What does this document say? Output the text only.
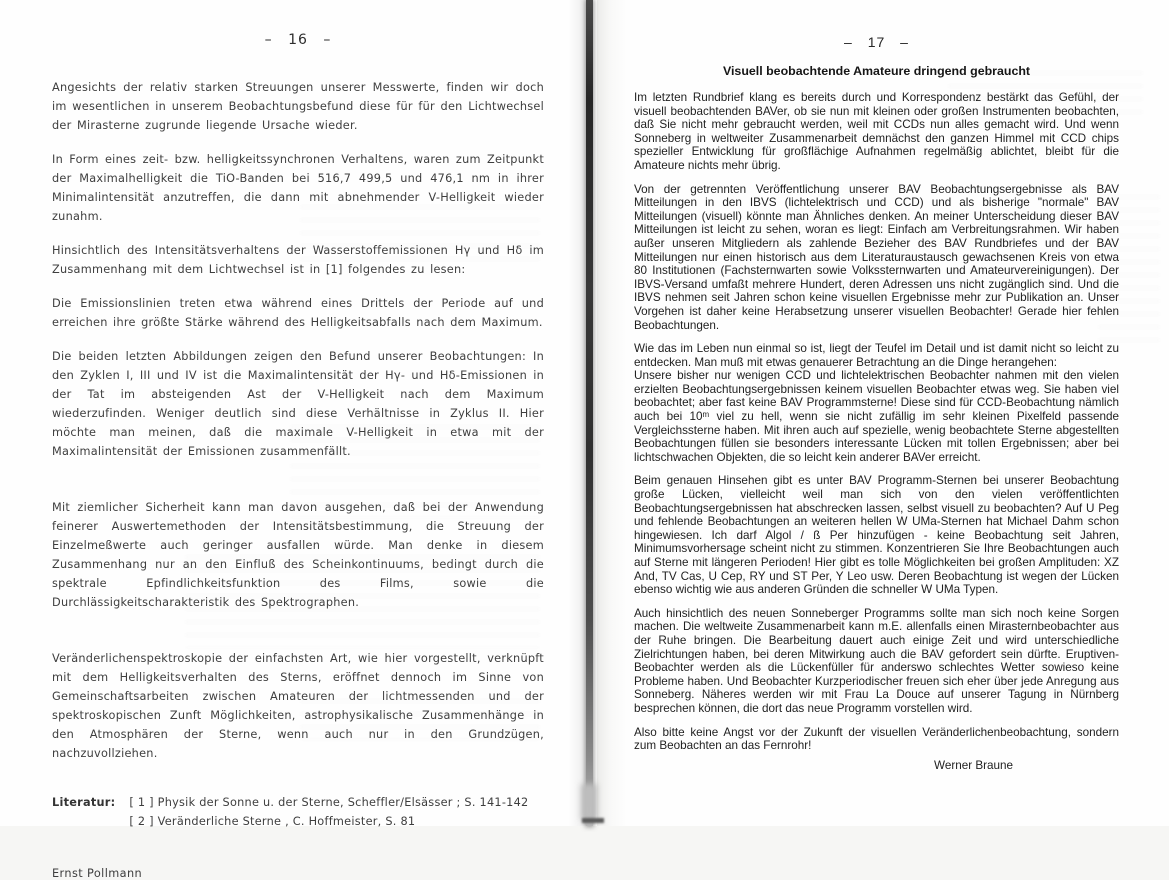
– 16 –

Angesichts der relativ starken Streuungen unserer Messwerte, finden wir doch im wesentlichen in unserem Beobachtungsbefund diese für für den Lichtwechsel der Mirasterne zugrunde liegende Ursache wieder.

In Form eines zeit- bzw. helligkeitssynchronen Verhaltens, waren zum Zeitpunkt der Maximalhelligkeit die TiO-Banden bei 516,7 499,5 und 476,1 nm in ihrer Minimalintensität anzutreffen, die dann mit abnehmender V-Helligkeit wieder zunahm.

Hinsichtlich des Intensitätsverhaltens der Wasserstoffemissionen Hγ und Hδ im Zusammenhang mit dem Lichtwechsel ist in [1] folgendes zu lesen:

Die Emissionslinien treten etwa während eines Drittels der Periode auf und erreichen ihre größte Stärke während des Helligkeitsabfalls nach dem Maximum.

Die beiden letzten Abbildungen zeigen den Befund unserer Beobachtungen: In den Zyklen I, III und IV ist die Maximalintensität der Hγ- und Hδ-Emissionen in der Tat im absteigenden Ast der V-Helligkeit nach dem Maximum wiederzufinden. Weniger deutlich sind diese Verhältnisse in Zyklus II. Hier möchte man meinen, daß die maximale V-Helligkeit in etwa mit der Maximalintensität der Emissionen zusammenfällt.

Mit ziemlicher Sicherheit kann man davon ausgehen, daß bei der Anwendung feinerer Auswertemethoden der Intensitätsbestimmung, die Streuung der Einzelmeßwerte auch geringer ausfallen würde. Man denke in diesem Zusammenhang nur an den Einfluß des Scheinkontinuums, bedingt durch die spektrale Epfindlichkeitsfunktion des Films, sowie die Durchlässigkeitscharakteristik des Spektrographen.

Veränderlichenspektroskopie der einfachsten Art, wie hier vorgestellt, verknüpft mit dem Helligkeitsverhalten des Sterns, eröffnet dennoch im Sinne von Gemeinschaftsarbeiten zwischen Amateuren der lichtmessenden und der spektroskopischen Zunft Möglichkeiten, astrophysikalische Zusammenhänge in den Atmosphären der Sterne, wenn auch nur in den Grundzügen, nachzuvollziehen.

Literatur: [ 1 ] Physik der Sonne u. der Sterne, Scheffler/Elsässer ; S. 141-142
[ 2 ] Veränderliche Sterne , C. Hoffmeister, S. 81
Ernst Pollmann
– 17 –
Visuell beobachtende Amateure dringend gebraucht

Im letzten Rundbrief klang es bereits durch und Korrespondenz bestärkt das Gefühl, der visuell beobachtenden BAVer, ob sie nun mit kleinen oder großen Instrumenten beobachten, daß Sie nicht mehr gebraucht werden, weil mit CCDs nun alles gemacht wird. Und wenn Sonneberg in weltweiter Zusammenarbeit demnächst den ganzen Himmel mit CCD chips spezieller Entwicklung für großflächige Aufnahmen regelmäßig ablichtet, bleibt für die Amateure nichts mehr übrig.

Von der getrennten Veröffentlichung unserer BAV Beobachtungsergebnisse als BAV Mitteilungen in den IBVS (lichtelektrisch und CCD) und als bisherige "normale" BAV Mitteilungen (visuell) könnte man Ähnliches denken. An meiner Unterscheidung dieser BAV Mitteilungen ist leicht zu sehen, woran es liegt: Einfach am Verbreitungsrahmen. Wir haben außer unseren Mitgliedern als zahlende Bezieher des BAV Rundbriefes und der BAV Mitteilungen nur einen historisch aus dem Literaturaustausch gewachsenen Kreis von etwa 80 Institutionen (Fachsternwarten sowie Volkssternwarten und Amateurvereinigungen). Der IBVS-Versand umfaßt mehrere Hundert, deren Adressen uns nicht zugänglich sind. Und die IBVS nehmen seit Jahren schon keine visuellen Ergebnisse mehr zur Publikation an. Unser Vorgehen ist daher keine Herabsetzung unserer visuellen Beobachter! Gerade hier fehlen Beobachtungen.

Wie das im Leben nun einmal so ist, liegt der Teufel im Detail und ist damit nicht so leicht zu entdecken. Man muß mit etwas genauerer Betrachtung an die Dinge herangehen:

Unsere bisher nur wenigen CCD und lichtelektrischen Beobachter nahmen mit den vielen erzielten Beobachtungsergebnissen keinem visuellen Beobachter etwas weg. Sie haben viel beobachtet; aber fast keine BAV Programmsterne! Diese sind für CCD-Beobachtung nämlich auch bei 10ᵐ viel zu hell, wenn sie nicht zufällig im sehr kleinen Pixelfeld passende Vergleichssterne haben. Mit ihren auch auf spezielle, wenig beobachtete Sterne abgestellten Beobachtungen füllen sie besonders interessante Lücken mit tollen Ergebnissen; aber bei lichtschwachen Objekten, die so leicht kein anderer BAVer erreicht.

Beim genauen Hinsehen gibt es unter BAV Programm-Sternen bei unserer Beobachtung große Lücken, vielleicht weil man sich von den vielen veröffentlichten Beobachtungsergebnissen hat abschrecken lassen, selbst visuell zu beobachten? Auf U Peg und fehlende Beobachtungen an weiteren hellen W UMa-Sternen hat Michael Dahm schon hingewiesen. Ich darf Algol / ß Per hinzufügen - keine Beobachtung seit Jahren, Minimumsvorhersage scheint nicht zu stimmen. Konzentrieren Sie Ihre Beobachtungen auch auf Sterne mit längeren Perioden! Hier gibt es tolle Möglichkeiten bei großen Amplituden: XZ And, TV Cas, U Cep, RY und ST Per, Y Leo usw. Deren Beobachtung ist wegen der Lücken ebenso wichtig wie aus anderen Gründen die schneller W UMa Typen.

Auch hinsichtlich des neuen Sonneberger Programms sollte man sich noch keine Sorgen machen. Die weltweite Zusammenarbeit kann m.E. allenfalls einen Mirasternbeobachter aus der Ruhe bringen. Die Bearbeitung dauert auch einige Zeit und wird unterschiedliche Zielrichtungen haben, bei deren Mitwirkung auch die BAV gefordert sein dürfte. Eruptiven-Beobachter werden als die Lückenfüller für anderswo schlechtes Wetter sowieso keine Probleme haben. Und Beobachter Kurzperiodischer freuen sich eher über jede Anregung aus Sonneberg. Näheres werden wir mit Frau La Douce auf unserer Tagung in Nürnberg besprechen können, die dort das neue Programm vorstellen wird.

Also bitte keine Angst vor der Zukunft der visuellen Veränderlichenbeobachtung, sondern zum Beobachten an das Fernrohr!

Werner Braune
